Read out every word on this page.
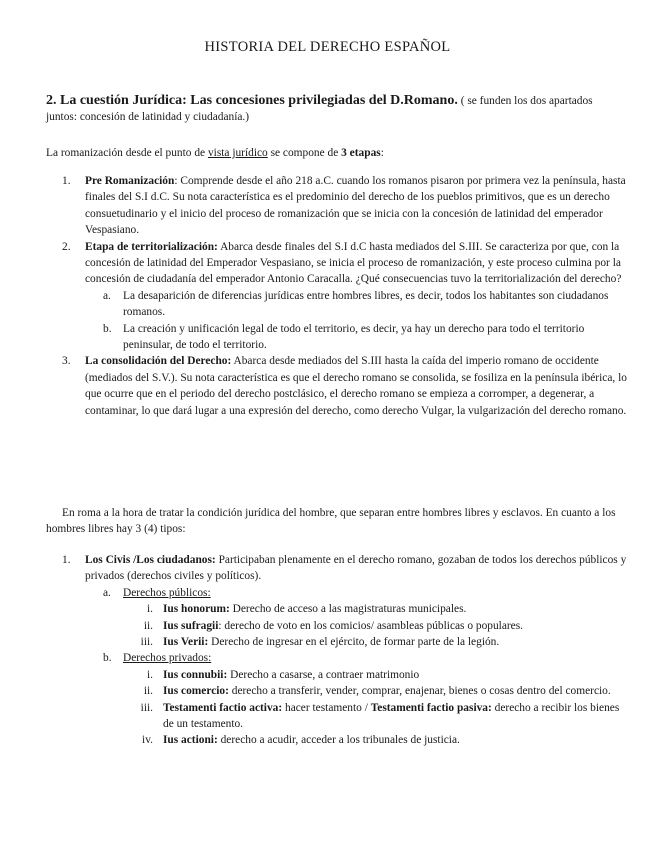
HISTORIA DEL DERECHO ESPAÑOL
2. La cuestión Jurídica: Las concesiones privilegiadas del D.Romano. ( se funden los dos apartados juntos: concesión de latinidad y ciudadanía.)
La romanización desde el punto de vista jurídico se compone de 3 etapas:
1. Pre Romanización: Comprende desde el año 218 a.C. cuando los romanos pisaron por primera vez la península, hasta finales del S.I d.C. Su nota característica es el predominio del derecho de los pueblos primitivos, que es un derecho consuetudinario y el inicio del proceso de romanización que se inicia con la concesión de latinidad del emperador Vespasiano.
2. Etapa de territorialización: Abarca desde finales del S.I d.C hasta mediados del S.III. Se caracteriza por que, con la concesión de latinidad del Emperador Vespasiano, se inicia el proceso de romanización, y este proceso culmina por la concesión de ciudadanía del emperador Antonio Caracalla. ¿Qué consecuencias tuvo la territorialización del derecho?
a. La desaparición de diferencias jurídicas entre hombres libres, es decir, todos los habitantes son ciudadanos romanos.
b. La creación y unificación legal de todo el territorio, es decir, ya hay un derecho para todo el territorio peninsular, de todo el territorio.
3. La consolidación del Derecho: Abarca desde mediados del S.III hasta la caída del imperio romano de occidente (mediados del S.V.). Su nota característica es que el derecho romano se consolida, se fosiliza en la península ibérica, lo que ocurre que en el periodo del derecho postclásico, el derecho romano se empieza a corromper, a degenerar, a contaminar, lo que dará lugar a una expresión del derecho, como derecho Vulgar, la vulgarización del derecho romano.
En roma a la hora de tratar la condición jurídica del hombre, que separan entre hombres libres y esclavos. En cuanto a los hombres libres hay 3 (4) tipos:
1. Los Civis /Los ciudadanos: Participaban plenamente en el derecho romano, gozaban de todos los derechos públicos y privados (derechos civiles y políticos).
a. Derechos públicos:
i. Ius honorum: Derecho de acceso a las magistraturas municipales.
ii. Ius sufragii: derecho de voto en los comicios/ asambleas públicas o populares.
iii. Ius Verii: Derecho de ingresar en el ejército, de formar parte de la legión.
b. Derechos privados:
i. Ius connubii: Derecho a casarse, a contraer matrimonio
ii. Ius comercio: derecho a transferir, vender, comprar, enajenar, bienes o cosas dentro del comercio.
iii. Testamenti factio activa: hacer testamento / Testamenti factio pasiva: derecho a recibir los bienes de un testamento.
iv. Ius actioni: derecho a acudir, acceder a los tribunales de justicia.
